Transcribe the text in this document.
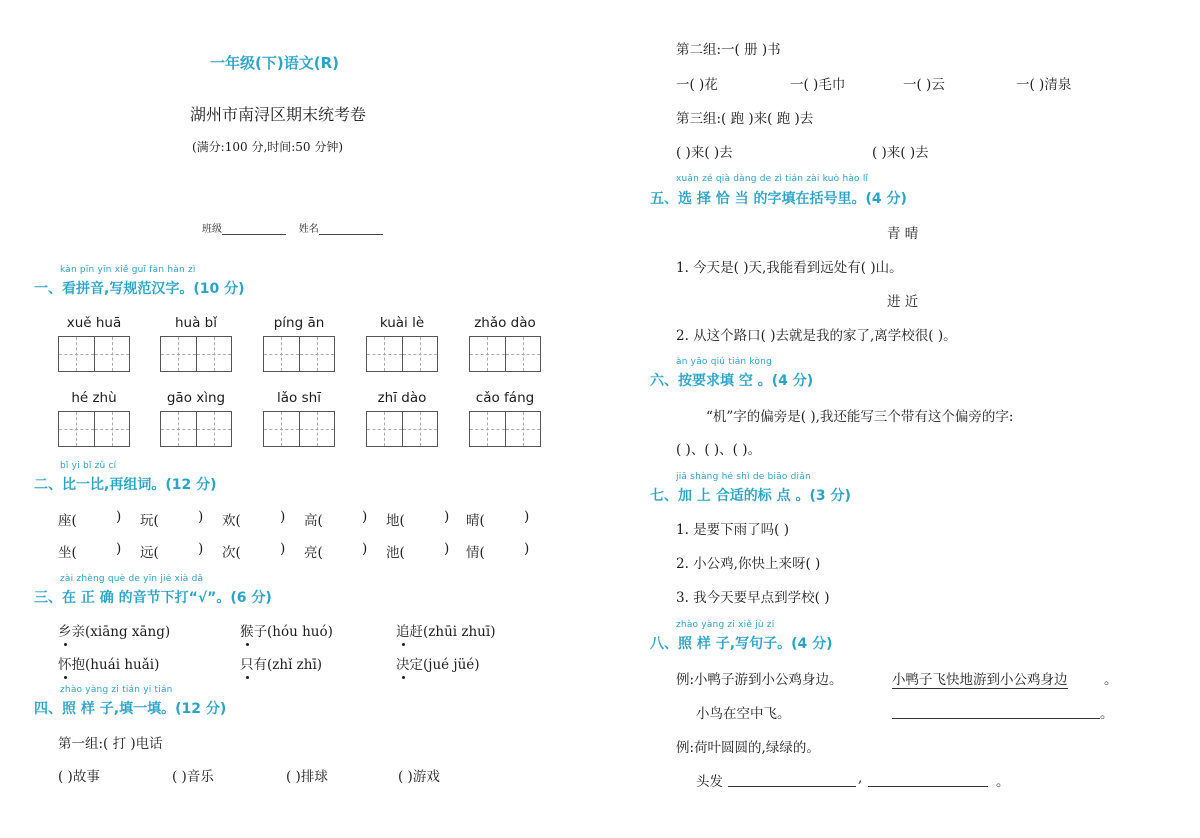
一年级(下)语文(R)
湖州市南浔区期末统考卷
(满分:100 分,时间:50 分钟)
班级	姓名
kàn pīn yīn xiě guī fàn hàn zì
一、看拼音,写规范汉字。(10 分)
xuě huā	huà bǐ	píng ān	kuài lè	zhǎo dào
hé zhù	gāo xìng	lǎo shī	zhī dào	cǎo fáng
bǐ yi bǐ zǔ cí
二、比一比,再组词。(12 分)
座(	) 玩(	) 欢(	) 高(	) 地(	) 晴(	)
坐(	) 远(	) 次(	) 亮(	) 池(	) 情(	)
zài zhèng què de yīn jié xià dǎ
三、在 正 确 的音节下打“√”。(6 分)
乡亲(xiāng xāng)	猴子(hóu huó)	追赶(zhūi zhuī)
怀抱(huái huǎi)	只有(zhǐ zhī)	决定(jué jüé)
zhào yàng zi tián yi tián
四、照 样 子,填一填。(12 分)
第一组:( 打 )电话
( )故事	( )音乐	( )排球	( )游戏
第二组:一( 册 )书
一( )花	一( )毛巾	一( )云	一( )清泉
第三组:( 跑 )来( 跑 )去
( )来( )去	( )来( )去
xuǎn zé qià dàng de zì tián zài kuò hào lǐ
五、选 择 恰 当 的字填在括号里。(4 分)
青 晴
1. 今天是( )天,我能看到远处有( )山。
进 近
2. 从这个路口( )去就是我的家了,离学校很( )。
àn yāo qiú tián kòng
六、按要求填 空 。(4 分)
“机”字的偏旁是( ),我还能写三个带有这个偏旁的字:
( )、( )、( )。
jiā shàng hé shì de biāo diǎn
七、加 上 合适的标 点 。(3 分)
1. 是要下雨了吗( )
2. 小公鸡,你快上来呀( )
3. 我今天要早点到学校( )
zhào yàng zi xiě jù zi
八、照 样 子,写句子。(4 分)
例:小鸭子游到小公鸡身边。	小鸭子飞快地游到小公鸡身边	。
小鸟在空中飞。	。
例:荷叶圆圆的,绿绿的。
头发	,	。
